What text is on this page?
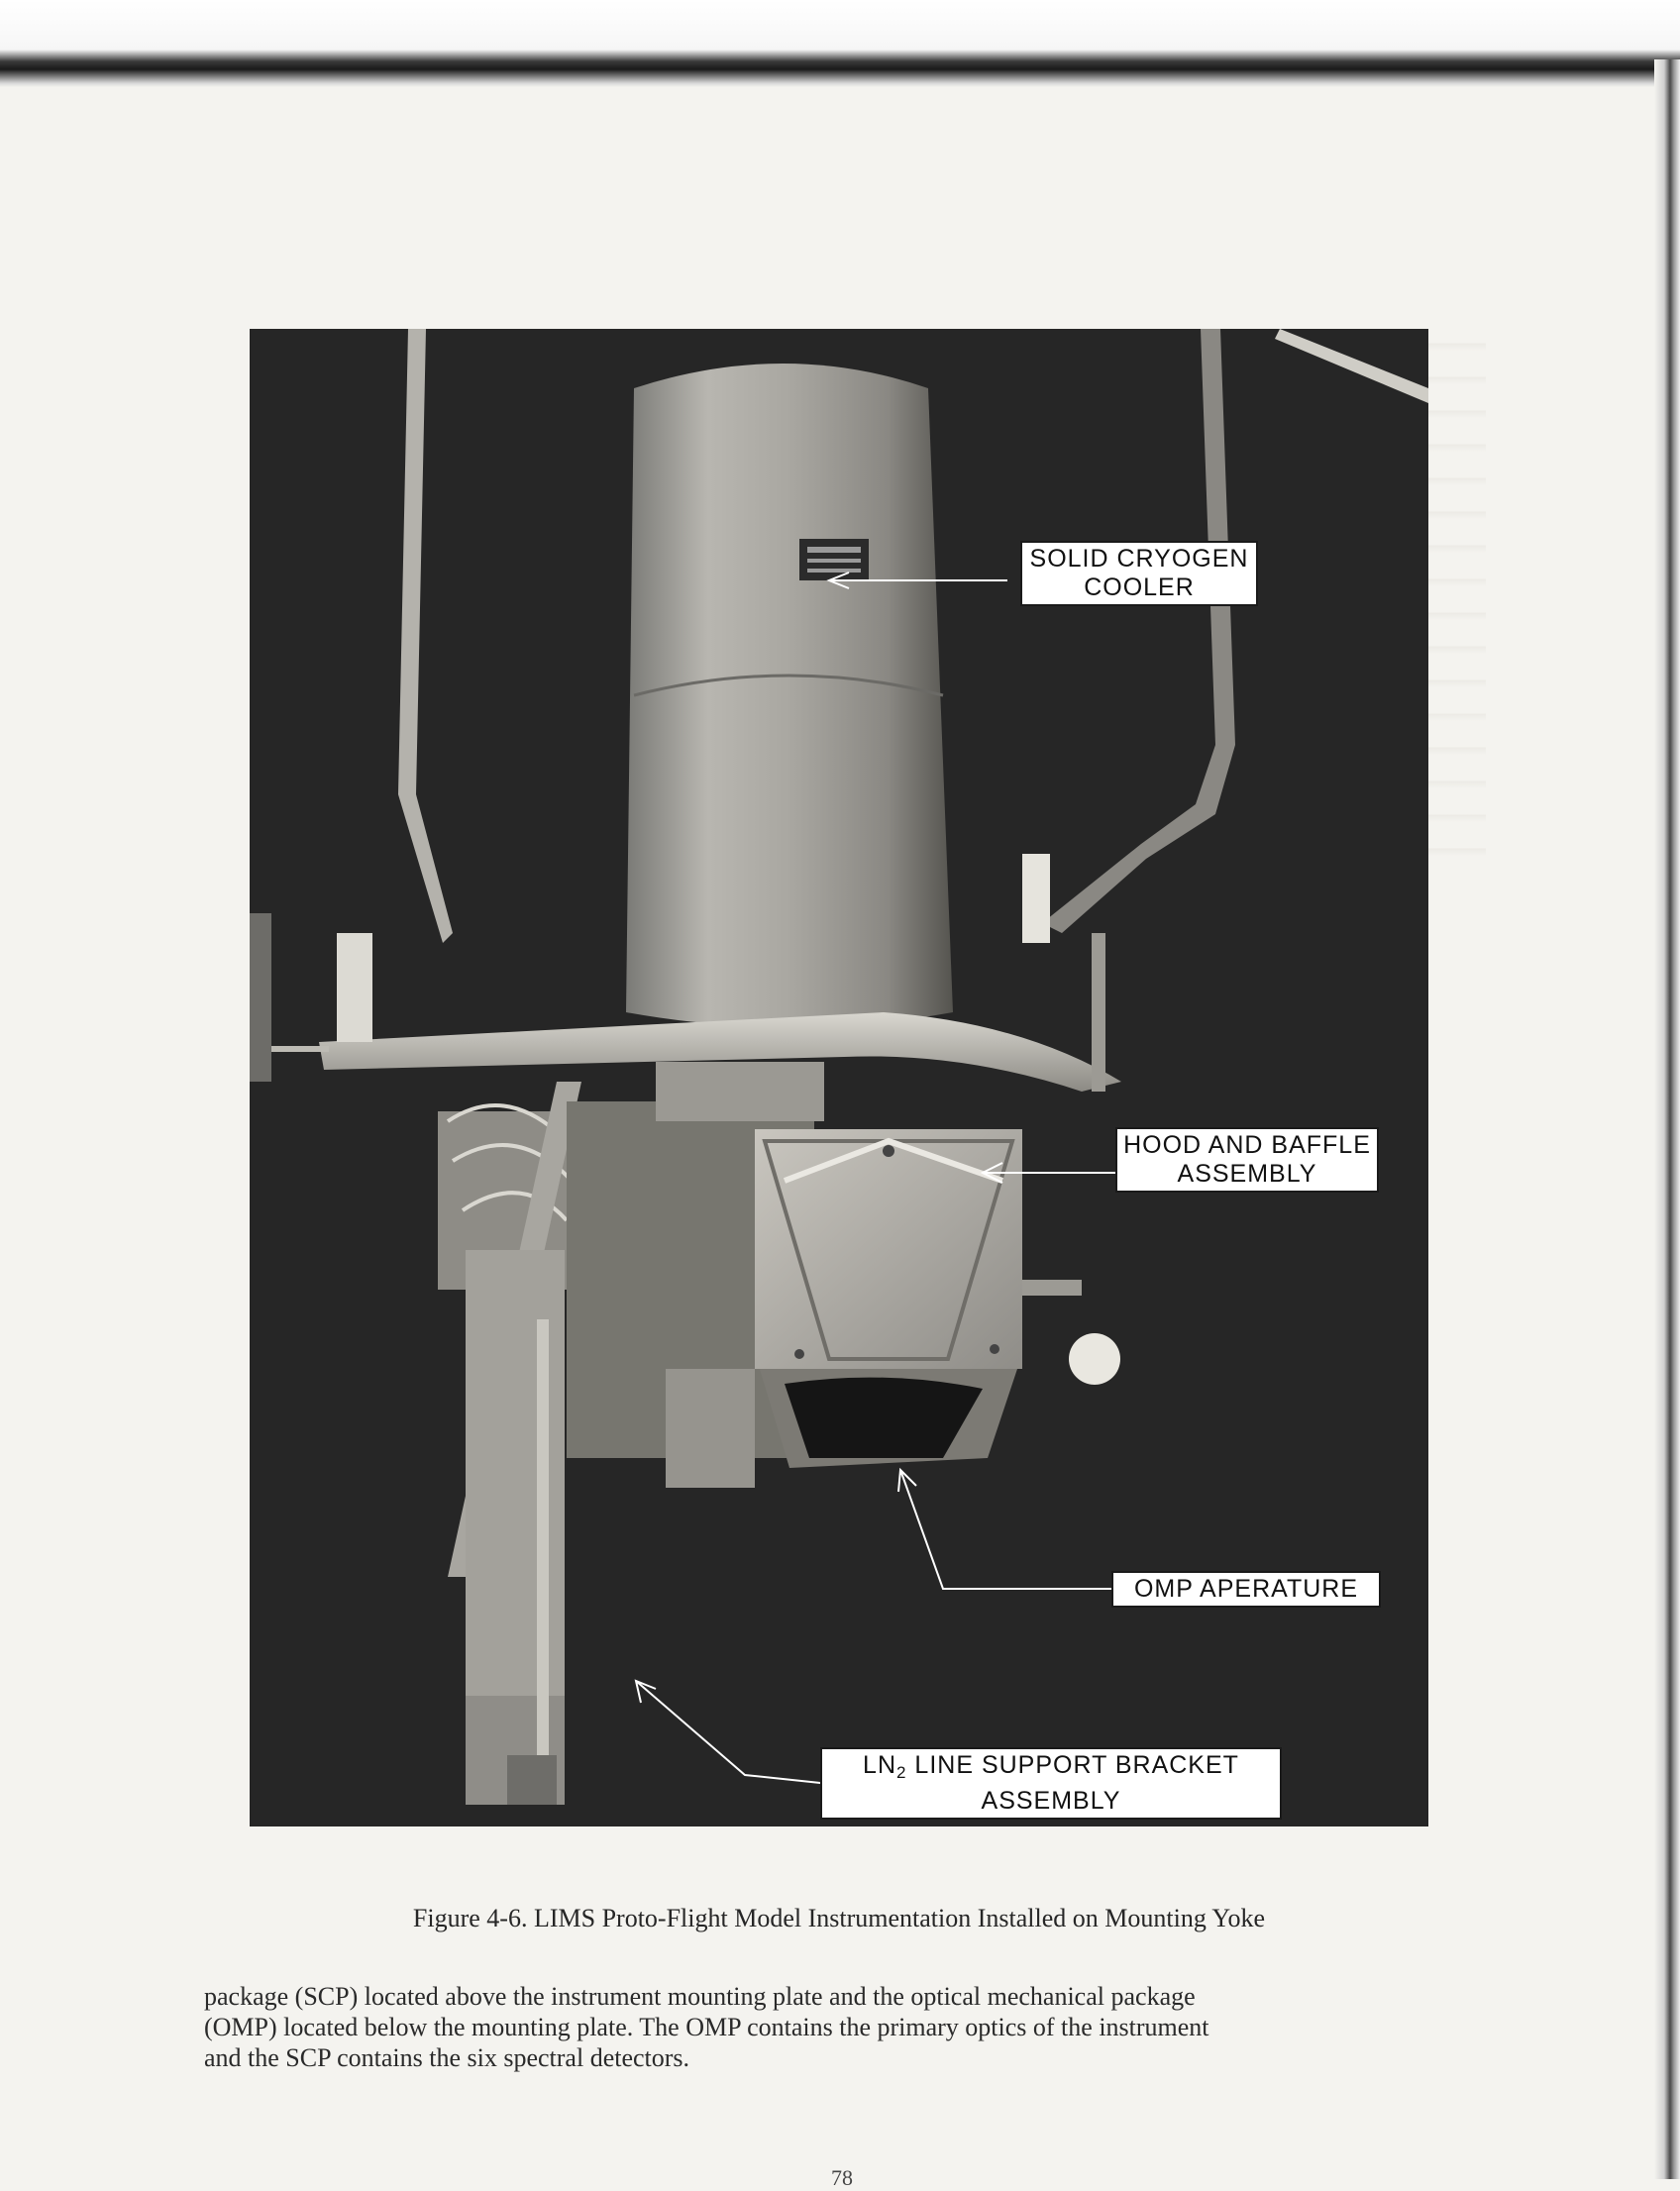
SOLID CRYOGEN
COOLER
HOOD AND BAFFLE
ASSEMBLY
OMP APERATURE
$LN_2$ LINE SUPPORT BRACKET
ASSEMBLY
Figure 4-6. LIMS Proto-Flight Model Instrumentation Installed on Mounting Yoke
package (SCP) located above the instrument mounting plate and the optical mechanical package
(OMP) located below the mounting plate. The OMP contains the primary optics of the instrument
and the SCP contains the six spectral detectors.
78
